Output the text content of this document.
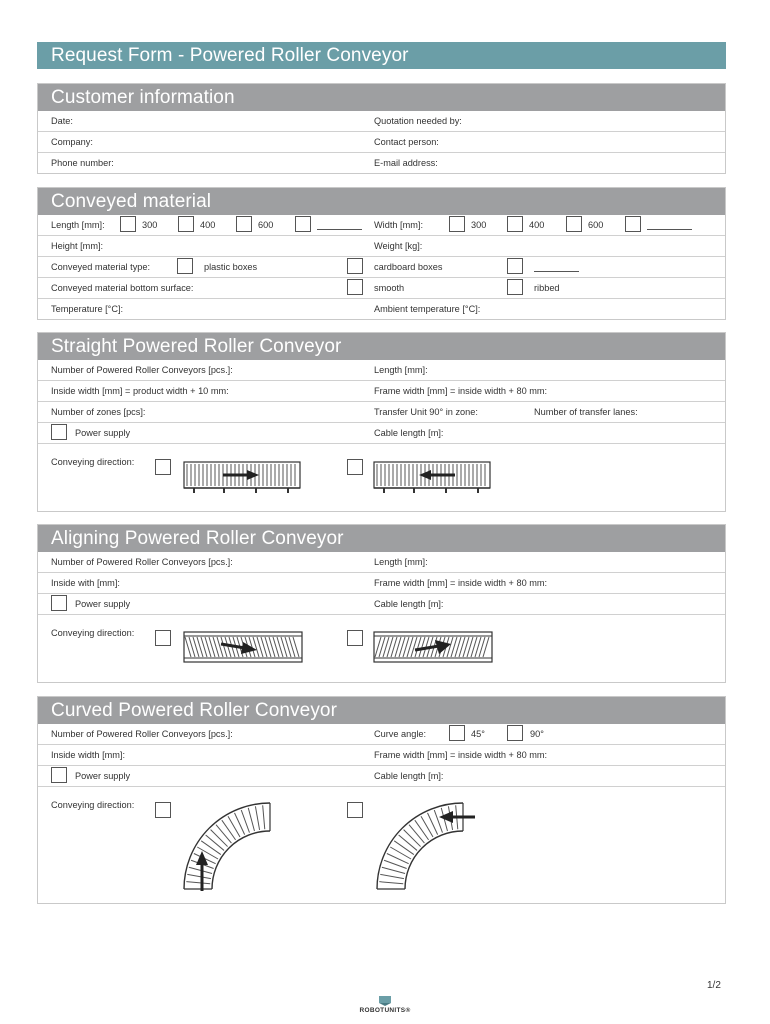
Request Form - Powered Roller Conveyor
Customer information
Date:	Quotation needed by:
Company:	Contact person:
Phone number:	E-mail address:
Conveyed material
Length [mm]:	300	400	600	Width [mm]:	300	400	600
Height [mm]:	Weight [kg]:
Conveyed material type:	plastic boxes	cardboard boxes
Conveyed material bottom surface:	smooth	ribbed
Temperature [°C]:	Ambient temperature [°C]:
Straight Powered Roller Conveyor
Number of Powered Roller Conveyors [pcs.]:	Length [mm]:
Inside width [mm] = product width + 10 mm:	Frame width [mm] = inside width + 80 mm:
Number of zones [pcs]:	Transfer Unit 90° in zone:	Number of transfer lanes:
Power supply	Cable length [m]:
Conveying direction:
Aligning Powered Roller Conveyor
Number of Powered Roller Conveyors [pcs.]:	Length [mm]:
Inside with [mm]:	Frame width [mm] = inside width + 80 mm:
Power supply	Cable length [m]:
Conveying direction:
Curved Powered Roller Conveyor
Number of Powered Roller Conveyors [pcs.]:	Curve angle:	45°	90°
Inside width [mm]:	Frame width [mm] = inside width + 80 mm:
Power supply	Cable length [m]:
Conveying direction:
1/2
ROBOTUNITS®
